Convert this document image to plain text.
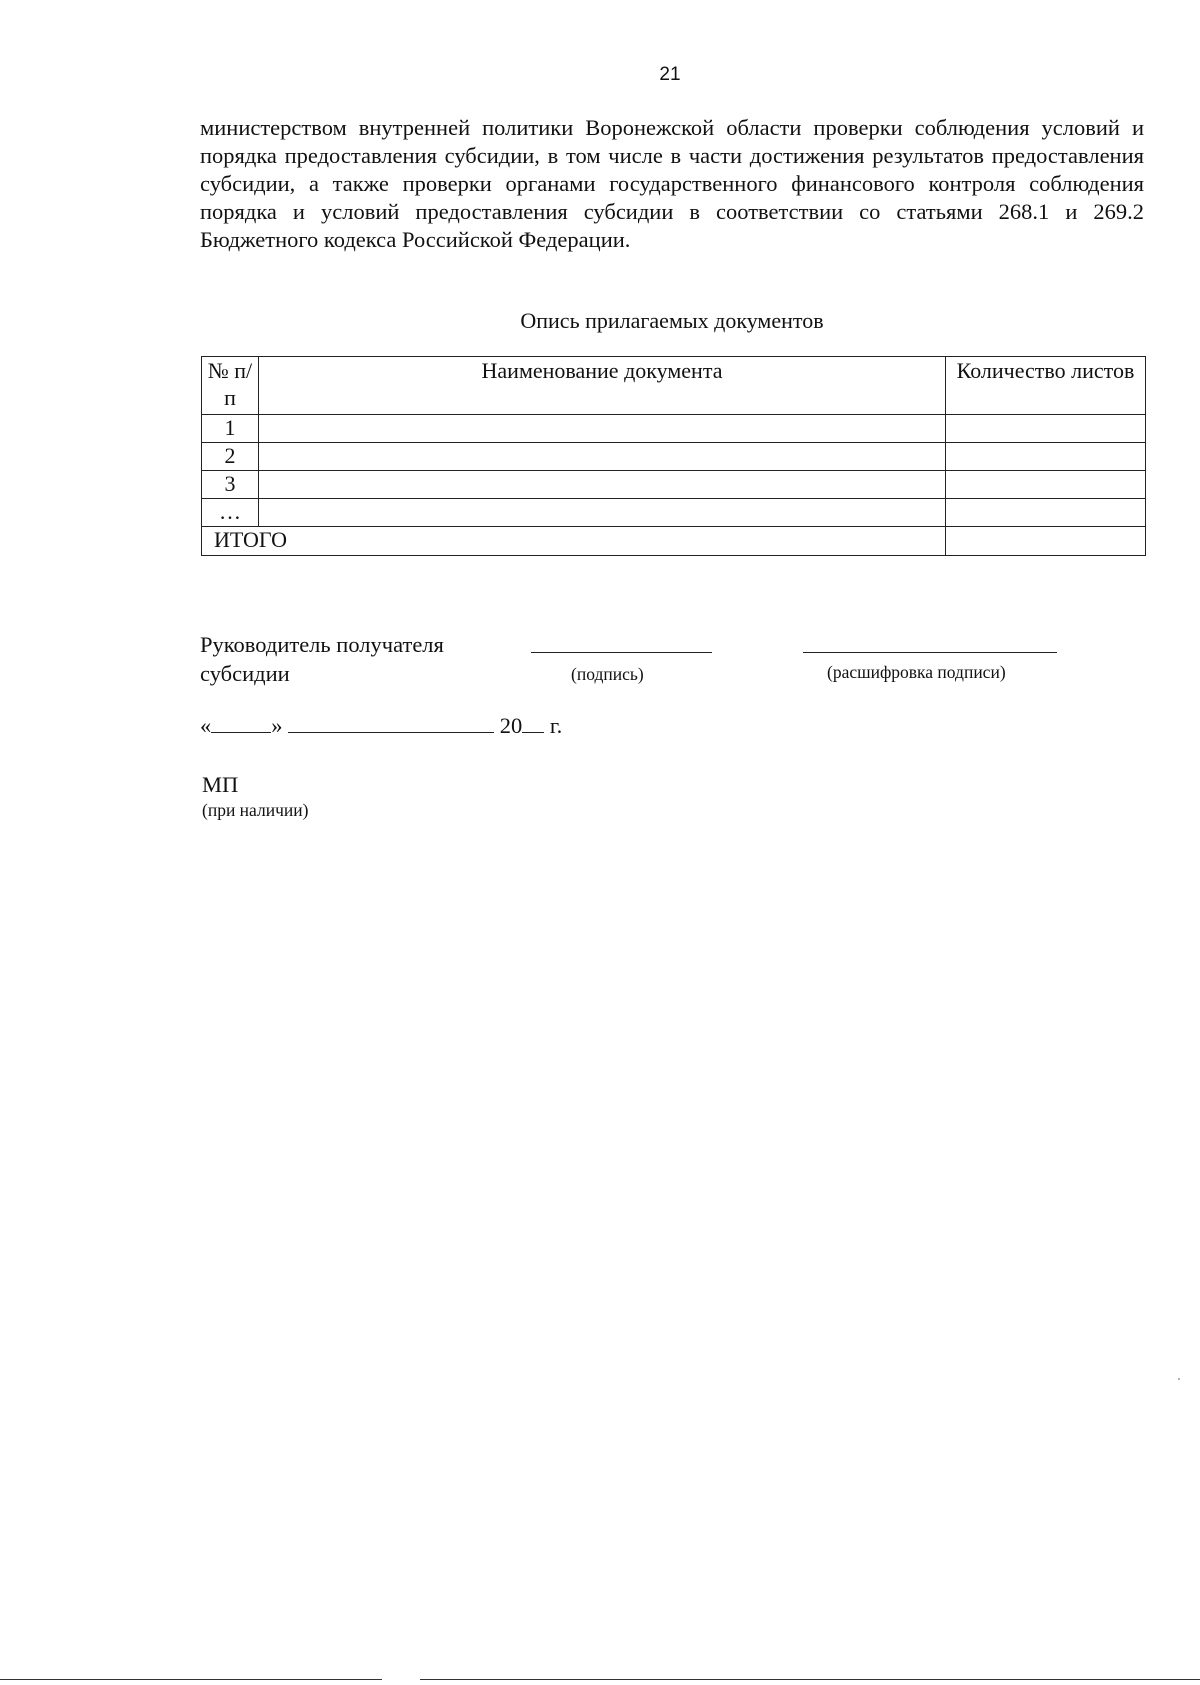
21

министерством внутренней политики Воронежской области проверки соблюдения условий и порядка предоставления субсидии, в том числе в части достижения результатов предоставления субсидии, а также проверки органами государственного финансового контроля соблюдения порядка и условий предоставления субсидии в соответствии со статьями 268.1 и 269.2 Бюджетного кодекса Российской Федерации.

Опись прилагаемых документов
№ п/п	Наименование документа	Количество листов
1		
2		
3		
…		
ИТОГО		
Руководитель получателя субсидии	(подпись)	(расшифровка подписи)
«	»	20 г.
МП
(при наличии)
